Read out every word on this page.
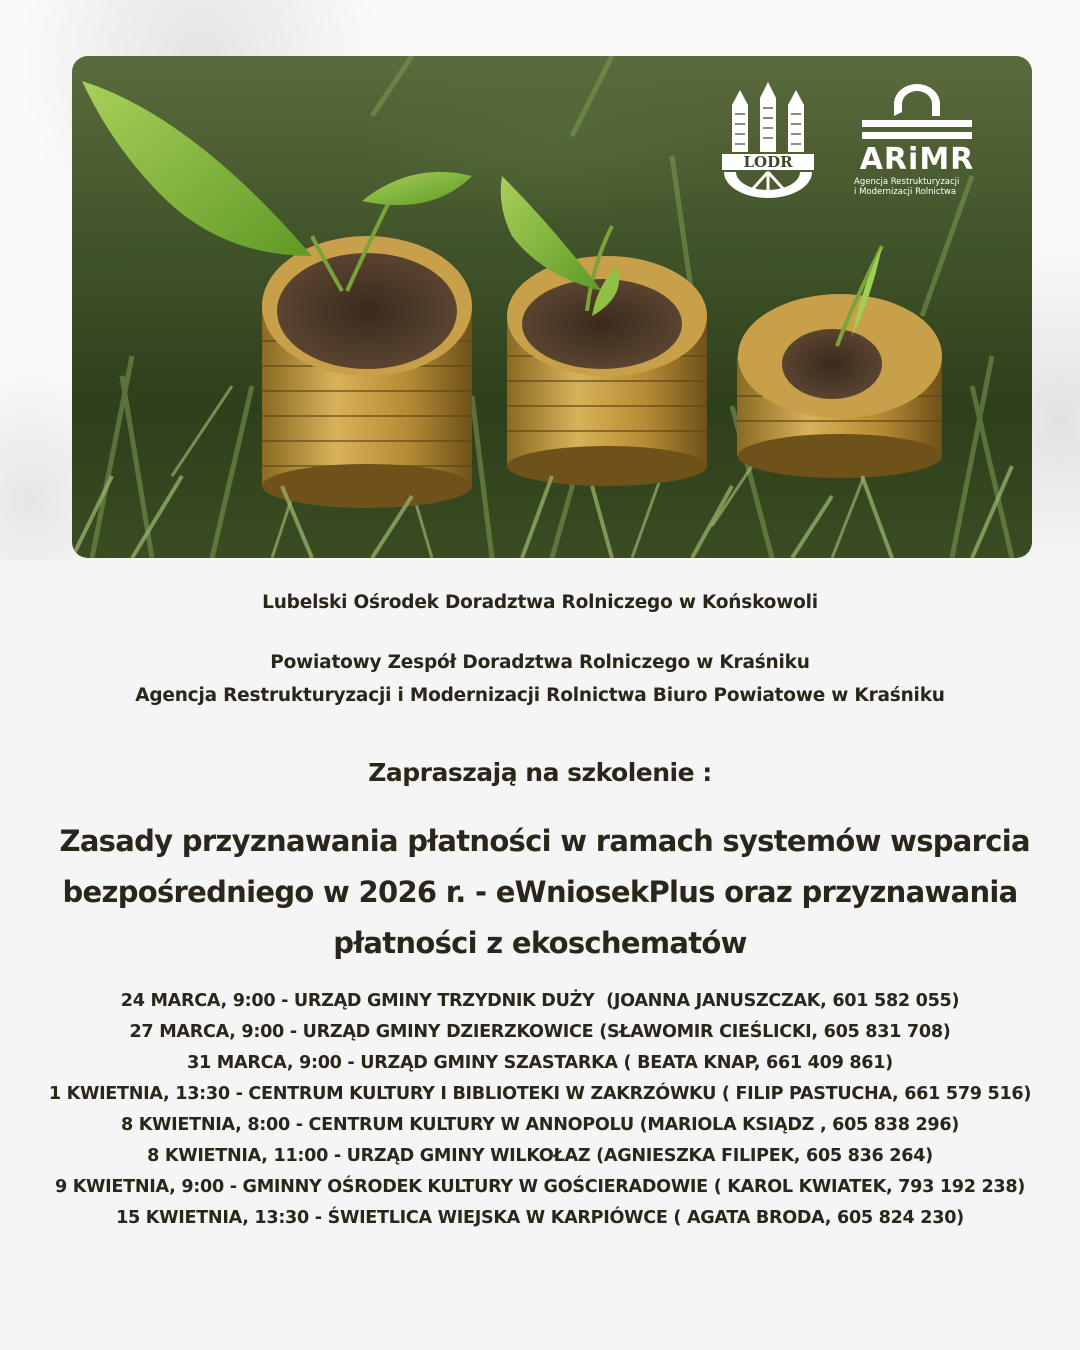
LODR ARiMR
Agencja Restrukturyzacji
i Modernizacji Rolnictwa
Lubelski Ośrodek Doradztwa Rolniczego w Końskowoli
Powiatowy Zespół Doradztwa Rolniczego w Kraśniku
Agencja Restrukturyzacji i Modernizacji Rolnictwa Biuro Powiatowe w Kraśniku
Zapraszają na szkolenie :
Zasady przyznawania płatności w ramach systemów wsparcia
bezpośredniego w 2026 r. - eWniosekPlus oraz przyznawania
płatności z ekoschematów
24 MARCA, 9:00 - URZĄD GMINY TRZYDNIK DUŻY  (JOANNA JANUSZCZAK, 601 582 055)
27 MARCA, 9:00 - URZĄD GMINY DZIERZKOWICE (SŁAWOMIR CIEŚLICKI, 605 831 708)
31 MARCA, 9:00 - URZĄD GMINY SZASTARKA ( BEATA KNAP, 661 409 861)
1 KWIETNIA, 13:30 - CENTRUM KULTURY I BIBLIOTEKI W ZAKRZÓWKU ( FILIP PASTUCHA, 661 579 516)
8 KWIETNIA, 8:00 - CENTRUM KULTURY W ANNOPOLU (MARIOLA KSIĄDZ , 605 838 296)
8 KWIETNIA, 11:00 - URZĄD GMINY WILKOŁAZ (AGNIESZKA FILIPEK, 605 836 264)
9 KWIETNIA, 9:00 - GMINNY OŚRODEK KULTURY W GOŚCIERADOWIE ( KAROL KWIATEK, 793 192 238)
15 KWIETNIA, 13:30 - ŚWIETLICA WIEJSKA W KARPIÓWCE ( AGATA BRODA, 605 824 230)
